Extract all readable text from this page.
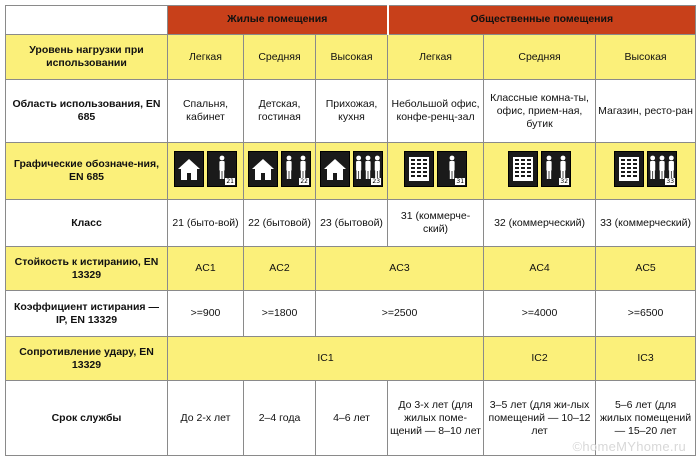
	Жилые помещения			Общественные помещения		
Уровень нагрузки при использовании	Легкая	Средняя	Высокая	Легкая	Средняя	Высокая
Область использования, EN 685	Спальня, кабинет	Детская, гостиная	Прихожая, кухня	Небольшой офис, конфе-ренц-зал	Классные комна-ты, офис, прием-ная, бутик	Магазин, ресто-ран
Графические обозначе-ния, EN 685	21	22	23	31	32	33

Класс	21 (быто-вой)	22 (бытовой)	23 (бытовой)	31 (коммерче-ский)	32 (коммерческий)	33 (коммерческий)
Стойкость к истиранию, EN 13329	AC1	AC2	AC3		AC4	AC5
Коэффициент истирания — IP, EN 13329	>=900	>=1800	>=2500		>=4000	>=6500
Сопротивление удару, EN 13329	IC1				IC2	IC3
Срок службы	До 2-х лет	2–4 года	4–6 лет	До 3-х лет (для жилых поме-щений — 8–10 лет	3–5 лет (для жи-лых помещений — 10–12 лет	5–6 лет (для жилых помещений — 15–20 лет
©homeMYhome.ru
